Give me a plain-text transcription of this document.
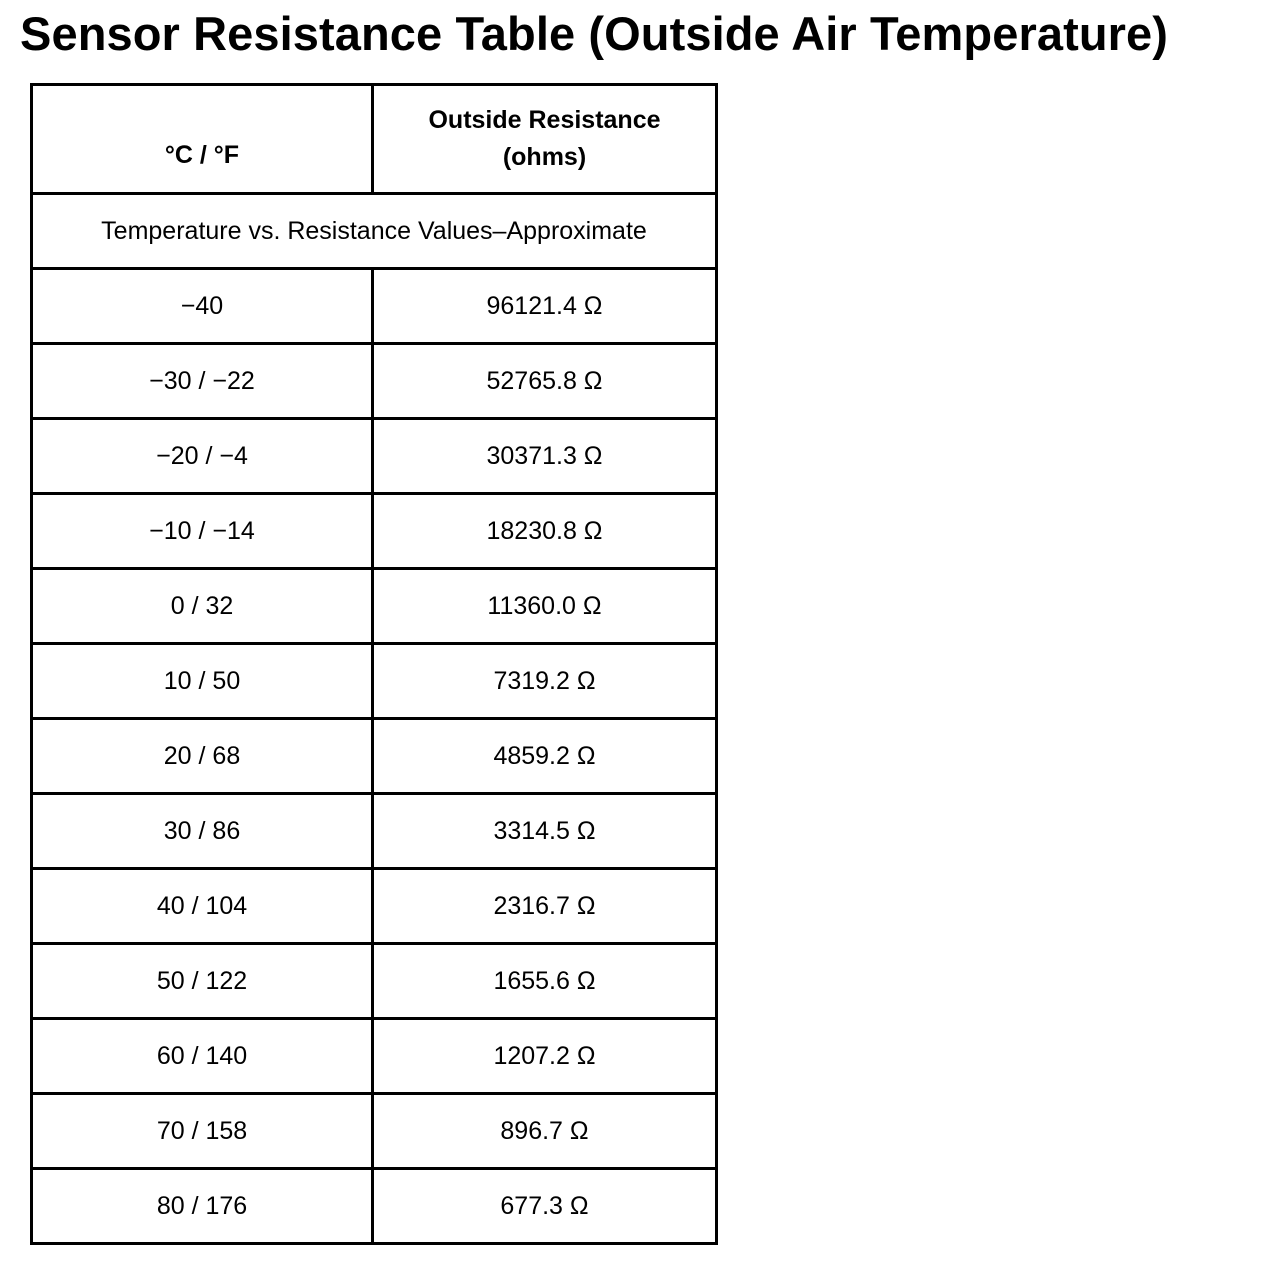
Sensor Resistance Table (Outside Air Temperature)
°C / °F	Outside Resistance
(ohms)

Temperature vs. Resistance Values–Approximate	
−40	96121.4 Ω
−30 / −22	52765.8 Ω
−20 / −4	30371.3 Ω
−10 / −14	18230.8 Ω
0 / 32	11360.0 Ω
10 / 50	7319.2 Ω
20 / 68	4859.2 Ω
30 / 86	3314.5 Ω
40 / 104	2316.7 Ω
50 / 122	1655.6 Ω
60 / 140	1207.2 Ω
70 / 158	896.7 Ω
80 / 176	677.3 Ω
